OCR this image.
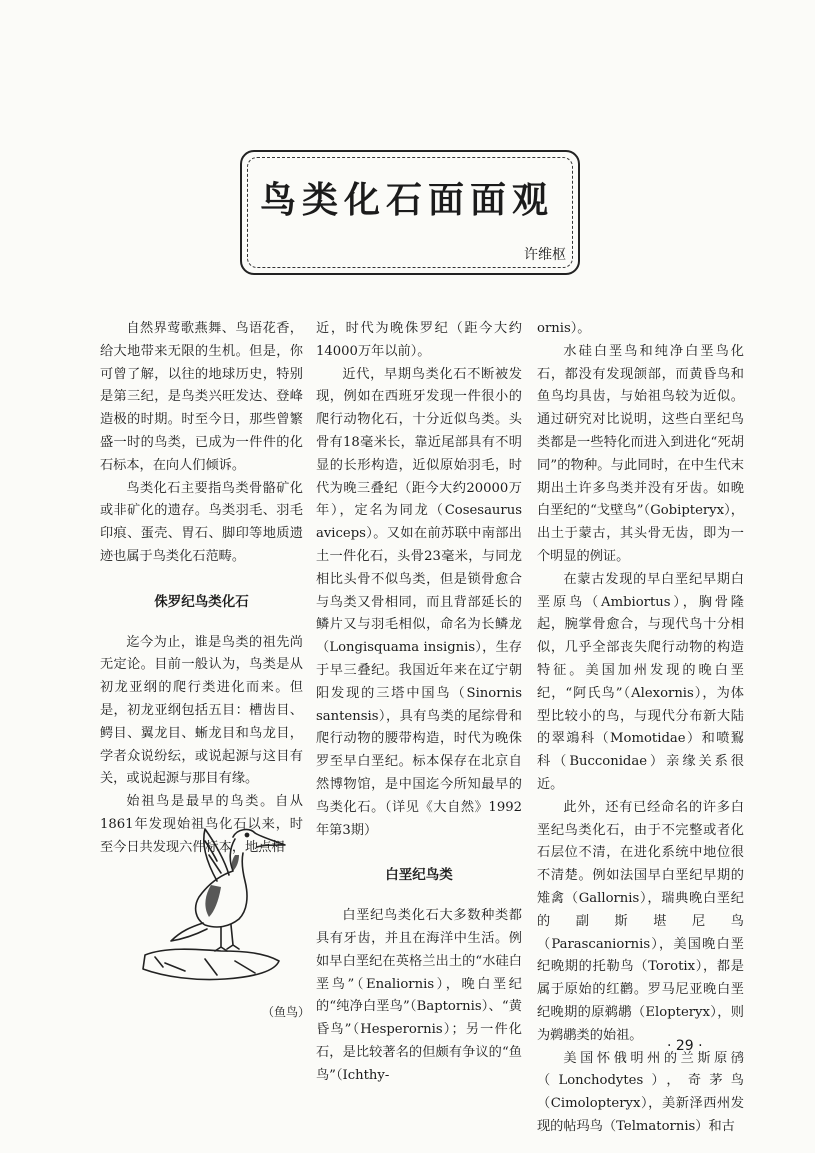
鸟类化石面面观
许维枢

自然界莺歌燕舞、鸟语花香，给大地带来无限的生机。但是，你可曾了解，以往的地球历史，特别是第三纪，是鸟类兴旺发达、登峰造极的时期。时至今日，那些曾繁盛一时的鸟类，已成为一件件的化石标本，在向人们倾诉。

鸟类化石主要指鸟类骨骼矿化或非矿化的遗存。鸟类羽毛、羽毛印痕、蛋壳、胃石、脚印等地质遗迹也属于鸟类化石范畴。

侏罗纪鸟类化石

迄今为止，谁是鸟类的祖先尚无定论。目前一般认为，鸟类是从初龙亚纲的爬行类进化而来。但是，初龙亚纲包括五目：槽齿目、鳄目、翼龙目、蜥龙目和鸟龙目，学者众说纷纭，或说起源与这目有关，或说起源与那目有缘。

始祖鸟是最早的鸟类。自从1861年发现始祖鸟化石以来，时至今日共发现六件标本，地点相

近，时代为晚侏罗纪（距今大约14000万年以前）。

近代，早期鸟类化石不断被发现，例如在西班牙发现一件很小的爬行动物化石，十分近似鸟类。头骨有18毫米长，靠近尾部具有不明显的长形构造，近似原始羽毛，时代为晚三叠纪（距今大约20000万年），定名为同龙（Cosesaurus aviceps）。又如在前苏联中南部出土一件化石，头骨23毫米，与同龙相比头骨不似鸟类，但是锁骨愈合与鸟类又骨相同，而且背部延长的鳞片又与羽毛相似，命名为长鳞龙（Longisquama insignis），生存于早三叠纪。我国近年来在辽宁朝阳发现的三塔中国鸟（Sinornis santensis），具有鸟类的尾综骨和爬行动物的腰带构造，时代为晚侏罗至早白垩纪。标本保存在北京自然博物馆，是中国迄今所知最早的鸟类化石。（详见《大自然》1992年第3期）

白垩纪鸟类

白垩纪鸟类化石大多数种类都具有牙齿，并且在海洋中生活。例如早白垩纪在英格兰出土的“水硅白垩鸟”（Enaliornis），晚白垩纪的“纯净白垩鸟”（Baptornis）、“黄昏鸟”（Hesperornis）；另一件化石，是比较著名的但颇有争议的“鱼鸟”（Ichthy-

ornis）。

水硅白垩鸟和纯净白垩鸟化石，都没有发现颌部，而黄昏鸟和鱼鸟均具齿，与始祖鸟较为近似。通过研究对比说明，这些白垩纪鸟类都是一些特化而进入到进化“死胡同”的物种。与此同时，在中生代末期出土许多鸟类并没有牙齿。如晚白垩纪的“戈壁鸟”（Gobipteryx），出土于蒙古，其头骨无齿，即为一个明显的例证。

在蒙古发现的早白垩纪早期白垩原鸟（Ambiortus），胸骨隆起，腕掌骨愈合，与现代鸟十分相似，几乎全部丧失爬行动物的构造特征。美国加州发现的晚白垩纪，“阿氏鸟”（Alexornis），为体型比较小的鸟，与现代分布新大陆的翠鴗科（Momotidae）和喷鴷科（Bucconidae）亲缘关系很近。

此外，还有已经命名的许多白垩纪鸟类化石，由于不完整或者化石层位不清，在进化系统中地位很不清楚。例如法国早白垩纪早期的雉禽（Gallornis），瑞典晚白垩纪的副斯堪尼鸟（Parascaniornis），美国晚白垩纪晚期的托勒鸟（Torotix），都是属于原始的红鹳。罗马尼亚晚白垩纪晚期的原鹈鹕（Elopteryx），则为鹈鹕类的始祖。

美国怀俄明州的兰斯原鸻（Lonchodytes），奇茅鸟（Cimolopteryx），美新泽西州发现的帖玛鸟（Telmatornis）和古

（鱼鸟）
· 29 ·
